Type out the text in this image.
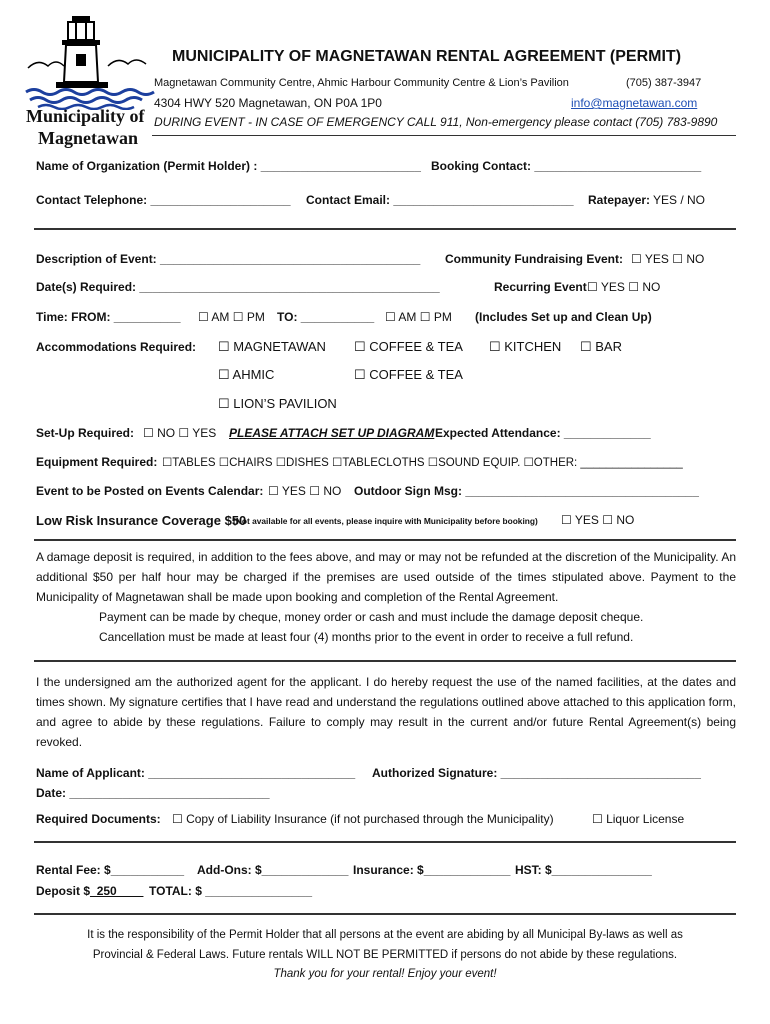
Municipality of
Magnetawan
MUNICIPALITY OF MAGNETAWAN RENTAL AGREEMENT (PERMIT)
Magnetawan Community Centre, Ahmic Harbour Community Centre & Lion’s Pavilion	(705) 387-3947
4304 HWY 520 Magnetawan, ON P0A 1P0	info@magnetawan.com
DURING EVENT - IN CASE OF EMERGENCY CALL 911, Non-emergency please contact (705) 783-9890
Name of Organization (Permit Holder) : ________________________ Booking Contact: _________________________
Contact Telephone: _____________________ Contact Email: ___________________________ Ratepayer: YES / NO
Description of Event: _______________________________________ Community Fundraising Event: ☐ YES ☐ NO
Date(s) Required: _____________________________________________	Recurring Event ☐ YES ☐ NO
Time: FROM: __________ ☐ AM ☐ PM TO: ___________ ☐ AM ☐ PM (Includes Set up and Clean Up)
Accommodations Required: ☐ MAGNETAWAN ☐ COFFEE & TEA ☐ KITCHEN ☐ BAR
☐ AHMIC	☐ COFFEE & TEA
☐ LION’S PAVILION
Set-Up Required: ☐ NO ☐ YES PLEASE ATTACH SET UP DIAGRAM Expected Attendance: _____________
Equipment Required: ☐TABLES ☐CHAIRS ☐DISHES ☐TABLECLOTHS ☐SOUND EQUIP. ☐OTHER: ________________
Event to be Posted on Events Calendar: ☐ YES ☐ NO Outdoor Sign Msg: ___________________________________
Low Risk Insurance Coverage $50
(Not available for all events, please inquire with Municipality before booking) ☐ YES ☐ NO
A damage deposit is required, in addition to the fees above, and may or may not be refunded at the discretion of the Municipality. An additional $50 per half hour may be charged if the premises are used outside of the times stipulated above. Payment to the Municipality of Magnetawan shall be made upon booking and completion of the Rental Agreement.
Payment can be made by cheque, money order or cash and must include the damage deposit cheque.
Cancellation must be made at least four (4) months prior to the event in order to receive a full refund.
I the undersigned am the authorized agent for the applicant. I do hereby request the use of the named facilities, at the dates and times shown. My signature certifies that I have read and understand the regulations outlined above attached to this application form, and agree to abide by these regulations. Failure to comply may result in the current and/or future Rental Agreement(s) being revoked.
Name of Applicant: _______________________________ Authorized Signature: ______________________________
Date: ______________________________
Required Documents: ☐ Copy of Liability Insurance (if not purchased through the Municipality)	☐ Liquor License
Rental Fee: $___________ Add-Ons: $_____________ Insurance: $_____________ HST: $_______________
Deposit $_250____ TOTAL: $ ________________
It is the responsibility of the Permit Holder that all persons at the event are abiding by all Municipal By-laws as well as
Provincial & Federal Laws. Future rentals WILL NOT BE PERMITTED if persons do not abide by these regulations.
Thank you for your rental! Enjoy your event!
